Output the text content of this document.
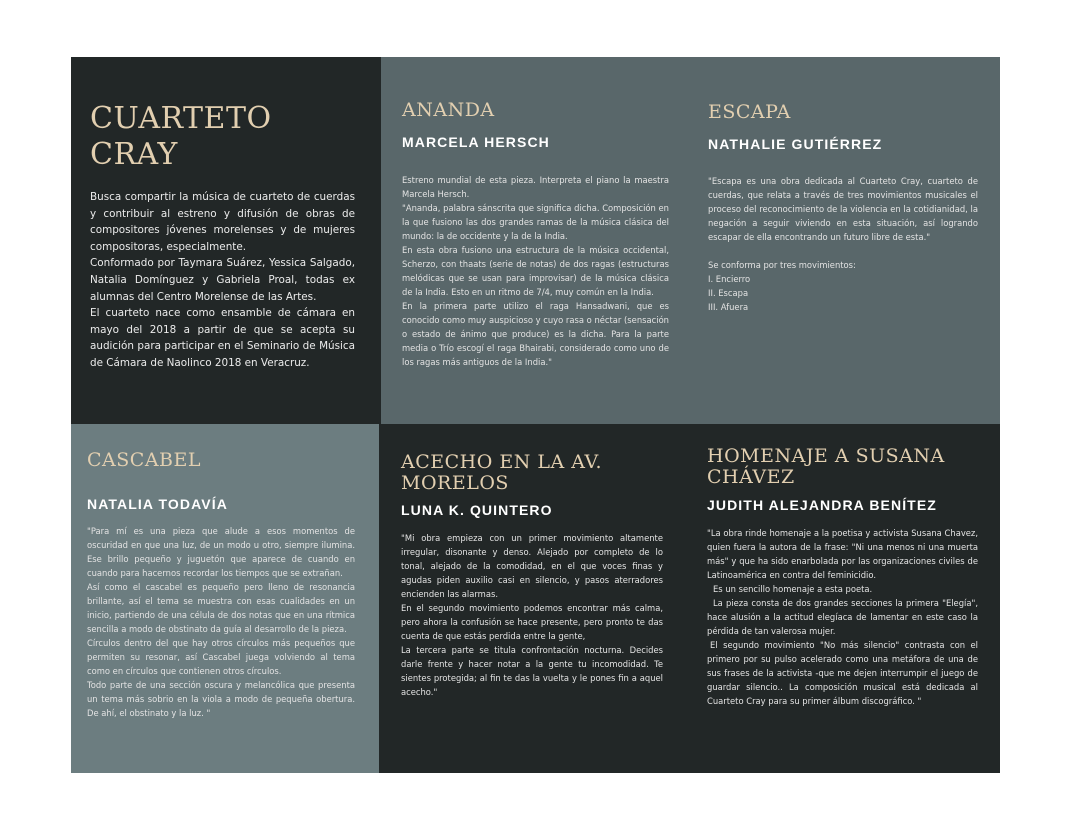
CUARTETO
CRAY

Busca compartir la música de cuarteto de cuerdas y contribuir al estreno y difusión de obras de compositores jóvenes morelenses y de mujeres compositoras, especialmente.

Conformado por Taymara Suárez, Yessica Salgado, Natalia Domínguez y Gabriela Proal, todas ex alumnas del Centro Morelense de las Artes.

El cuarteto nace como ensamble de cámara en mayo del 2018 a partir de que se acepta su audición para participar en el Seminario de Música de Cámara de Naolinco 2018 en Veracruz.

ANANDA
MARCELA HERSCH

Estreno mundial de esta pieza. Interpreta el piano la maestra Marcela Hersch.

"Ananda, palabra sánscrita que significa dicha. Composición en la que fusiono las dos grandes ramas de la música clásica del mundo: la de occidente y la de la India.

En esta obra fusiono una estructura de la música occidental, Scherzo, con thaats (serie de notas) de dos ragas (estructuras melódicas que se usan para improvisar) de la música clásica de la India. Esto en un ritmo de 7/4, muy común en la India.

En la primera parte utilizo el raga Hansadwani, que es conocido como muy auspicioso y cuyo rasa o néctar (sensación o estado de ánimo que produce) es la dicha. Para la parte media o Trío escogí el raga Bhairabi, considerado como uno de los ragas más antiguos de la India."

ESCAPA
NATHALIE GUTIÉRREZ

"Escapa es una obra dedicada al Cuarteto Cray, cuarteto de cuerdas, que relata a través de tres movimientos musicales el proceso del reconocimiento de la violencia en la cotidianidad, la negación a seguir viviendo en esta situación, así logrando escapar de ella encontrando un futuro libre de esta."

Se conforma por tres movimientos:

I. Encierro

II. Escapa

III. Afuera

CASCABEL
NATALIA TODAVÍA

"Para mí es una pieza que alude a esos momentos de oscuridad en que una luz, de un modo u otro, siempre ilumina. Ese brillo pequeño y juguetón que aparece de cuando en cuando para hacernos recordar los tiempos que se extrañan.

Así como el cascabel es pequeño pero lleno de resonancia brillante, así el tema se muestra con esas cualidades en un inicio, partiendo de una célula de dos notas que en una rítmica sencilla a modo de obstinato da guía al desarrollo de la pieza.

Círculos dentro del que hay otros círculos más pequeños que permiten su resonar, así Cascabel juega volviendo al tema como en círculos que contienen otros círculos.

Todo parte de una sección oscura y melancólica que presenta un tema más sobrio en la viola a modo de pequeña obertura. De ahí, el obstinato y la luz. "

ACECHO EN LA AV.
MORELOS
LUNA K. QUINTERO

"Mi obra empieza con un primer movimiento altamente irregular, disonante y denso. Alejado por completo de lo tonal, alejado de la comodidad, en el que voces finas y agudas piden auxilio casi en silencio, y pasos aterradores encienden las alarmas.

En el segundo movimiento podemos encontrar más calma, pero ahora la confusión se hace presente, pero pronto te das cuenta de que estás perdida entre la gente,

La tercera parte se titula confrontación nocturna. Decides darle frente y hacer notar a la gente tu incomodidad. Te sientes protegida; al fin te das la vuelta y le pones fin a aquel acecho."

HOMENAJE A SUSANA
CHÁVEZ
JUDITH ALEJANDRA BENÍTEZ

"La obra rinde homenaje a la poetisa y activista Susana Chavez, quien fuera la autora de la frase: "Ni una menos ni una muerta más" y que ha sido enarbolada por las organizaciones civiles de Latinoamérica en contra del feminicidio.

Es un sencillo homenaje a esta poeta.

La pieza consta de dos grandes secciones la primera "Elegía", hace alusión a la actitud elegíaca de lamentar en este caso la pérdida de tan valerosa mujer.

El segundo movimiento "No más silencio" contrasta con el primero por su pulso acelerado como una metáfora de una de sus frases de la activista -que me dejen interrumpir el juego de guardar silencio.. La composición musical está dedicada al Cuarteto Cray para su primer álbum discográfico. "
